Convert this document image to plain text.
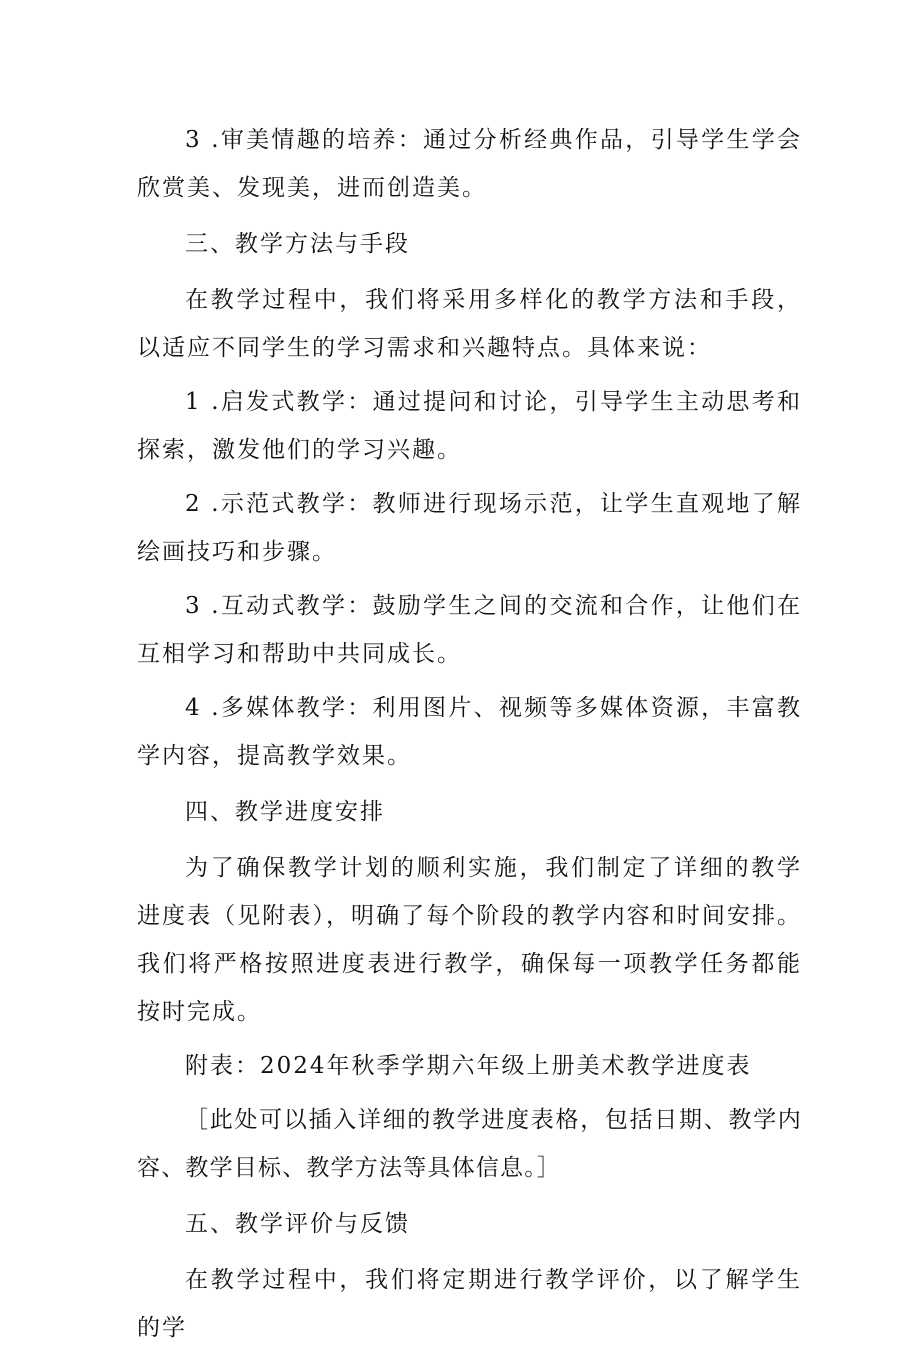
3 .审美情趣的培养：通过分析经典作品，引导学生学会欣赏美、发现美，进而创造美。

三、教学方法与手段

在教学过程中，我们将采用多样化的教学方法和手段，以适应不同学生的学习需求和兴趣特点。具体来说：

1 .启发式教学：通过提问和讨论，引导学生主动思考和探索，激发他们的学习兴趣。

2 .示范式教学：教师进行现场示范，让学生直观地了解绘画技巧和步骤。

3 .互动式教学：鼓励学生之间的交流和合作，让他们在互相学习和帮助中共同成长。

4 .多媒体教学：利用图片、视频等多媒体资源，丰富教学内容，提高教学效果。

四、教学进度安排

为了确保教学计划的顺利实施，我们制定了详细的教学进度表（见附表），明确了每个阶段的教学内容和时间安排。我们将严格按照进度表进行教学，确保每一项教学任务都能按时完成。

附表：2024年秋季学期六年级上册美术教学进度表

［此处可以插入详细的教学进度表格，包括日期、教学内容、教学目标、教学方法等具体信息。］

五、教学评价与反馈

在教学过程中，我们将定期进行教学评价，以了解学生的学
